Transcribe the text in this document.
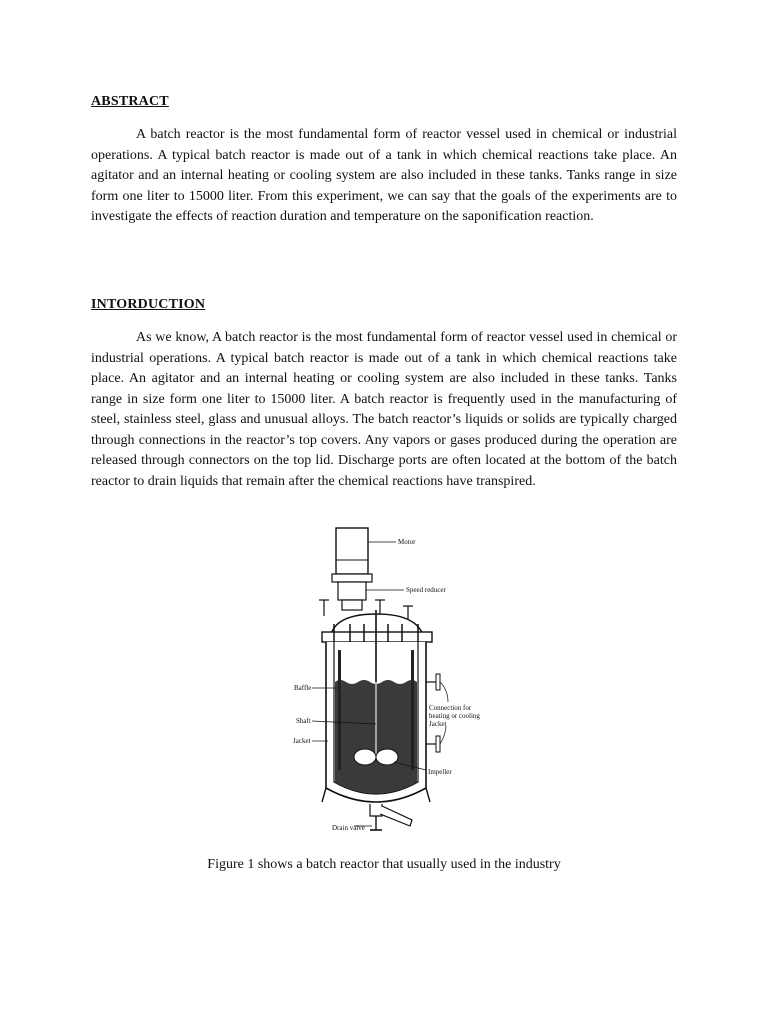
ABSTRACT

A batch reactor is the most fundamental form of reactor vessel used in chemical or industrial operations. A typical batch reactor is made out of a tank in which chemical reactions take place. An agitator and an internal heating or cooling system are also included in these tanks. Tanks range in size form one liter to 15000 liter. From this experiment, we can say that the goals of the experiments are to investigate the effects of reaction duration and temperature on the saponification reaction.

INTORDUCTION

As we know, A batch reactor is the most fundamental form of reactor vessel used in chemical or industrial operations. A typical batch reactor is made out of a tank in which chemical reactions take place. An agitator and an internal heating or cooling system are also included in these tanks. Tanks range in size form one liter to 15000 liter. A batch reactor is frequently used in the manufacturing of steel, stainless steel, glass and unusual alloys. The batch reactor’s liquids or solids are typically charged through connections in the reactor’s top covers. Any vapors or gases produced during the operation are released through connectors on the top lid. Discharge ports are often located at the bottom of the batch reactor to drain liquids that remain after the chemical reactions have transpired.

Motor
Speed reducer
Baffle
Shaft
Jacket
Connection for
heating or cooling
Jacket
Impeller
Drain valve

Figure 1 shows a batch reactor that usually used in the industry
